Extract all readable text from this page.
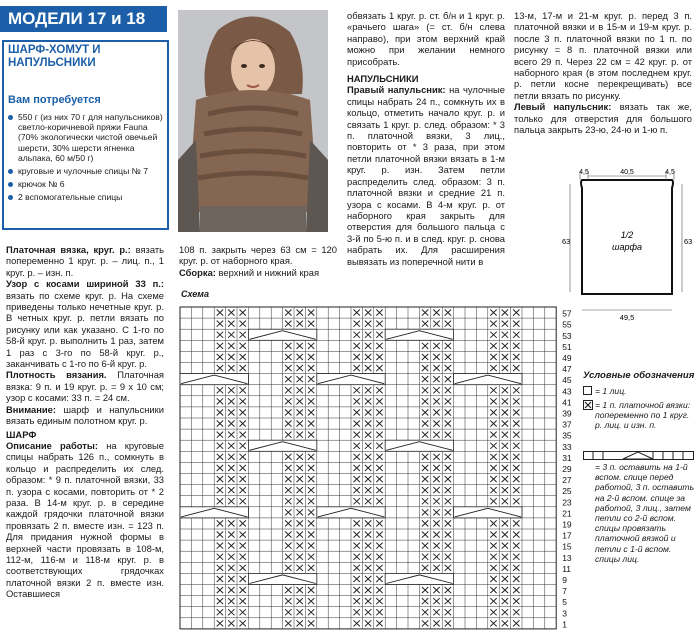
МОДЕЛИ 17 и 18
ШАРФ-ХОМУТ И НАПУЛЬСНИКИ
Вам потребуется
550 г (из них 70 г для напульсников) светло-коричневой пряжи Fauna (70% экологически чистой овечьей шерсти, 30% шерсти ягненка альпака, 60 м/50 г)
круговые и чулочные спицы № 7
крючок № 6
2 вспомогательные спицы
Платочная вязка, круг. р.: вязать попеременно 1 круг. р. – лиц. п., 1 круг. р. – изн. п.
Узор с косами шириной 33 п.: вязать по схеме круг. р. На схеме приведены только нечетные круг. р. В четных круг. р. петли вязать по рисунку или как указано. С 1-го по 58-й круг. р. выполнить 1 раз, затем 1 раз с 3-го по 58-й круг. р., заканчивать с 1-го по 6-й круг. р.
Плотность вязания. Платочная вязка: 9 п. и 19 круг. р. = 9 х 10 см; узор с косами: 33 п. = 24 см.
Внимание: шарф и напульсники вязать единым полотном круг. р.
ШАРФ
Описание работы: на круговые спицы набрать 126 п., сомкнуть в кольцо и распределить их след. образом: * 9 п. платочной вязки, 33 п. узора с косами, повторить от * 2 раза. В 14-м круг. р. в середине каждой грядочки платочной вязки провязать 2 п. вместе изн. = 123 п. Для придания нужной формы в верхней части провязать в 108-м, 112-м, 116-м и 118-м круг. р. в соответствующих грядочках платочной вязки 2 п. вместе изн. Оставшиеся
108 п. закрыть через 63 см = 120 круг. р. от наборного края.
Сборка: верхний и нижний края
обвязать 1 круг. р. ст. б/н и 1 круг. р. «рачьего шага» (= ст. б/н слева направо), при этом верхний край можно при желании немного присобрать.
НАПУЛЬСНИКИ
Правый напульсник: на чулочные спицы набрать 24 п., сомкнуть их в кольцо, отметить начало круг. р. и связать 1 круг. р. след. образом: * 3 п. платочной вязки, 3 лиц., повторить от * 3 раза, при этом петли платочной вязки вязать в 1-м круг. р. изн. Затем петли распределить след. образом: 3 п. платочной вязки и средние 21 п. узора с косами. В 4-м круг. р. от наборного края закрыть для отверстия для большого пальца с 3-й по 5-ю п. и в след. круг. р. снова набрать их. Для расширения вывязать из поперечной нити в
13-м, 17-м и 21-м круг. р. перед 3 п. платочной вязки и в 15-м и 19-м круг. р. после 3 п. платочной вязки по 1 п. по рисунку = 8 п. платочной вязки или всего 29 п. Через 22 см = 42 круг. р. от наборного края (в этом последнем круг. р. петли косне перекрещивать) все петли вязать по рисунку.
Левый напульсник: вязать так же, только для отверстия для большого пальца закрыть 23-ю, 24-ю и 1-ю п.
4,5	40,5	4,5
63	63
49,5
1/2
шарфа
Схема
57
55
53
51
49
47
45
43
41
39
37
35
33
31
29
27
25
23
21
19
17
15
13
11
9
7
5
3
1
Условные обозначения
= 1 лиц.
= 1 п. платочной вязки: попеременно по 1 круг. р. лиц. и изн. п.
= 3 п. оставить на 1-й вспом. спице перед работой, 3 п. оставить на 2-й вспом. спице за работой, 3 лиц., затем петли со 2-й вспом. спицы провязать платочной вязкой и петли с 1-й вспом. спицы лиц.
